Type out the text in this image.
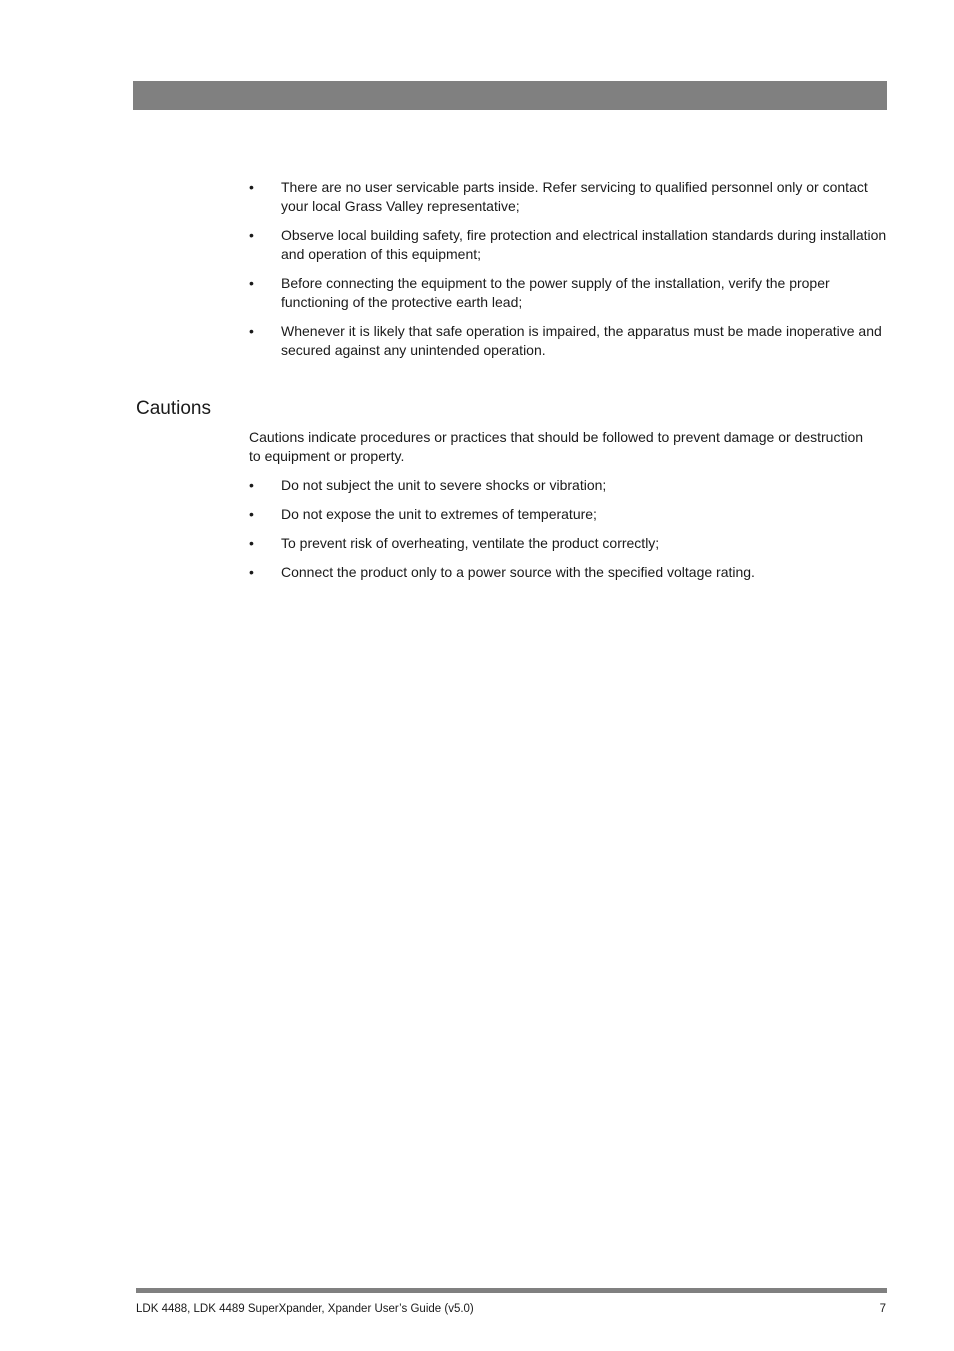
•	There are no user servicable parts inside. Refer servicing to qualified personnel only or contact your local Grass Valley representative;
•	Observe local building safety, fire protection and electrical installation standards during installation and operation of this equipment;
•	Before connecting the equipment to the power supply of the installation, verify the proper functioning of the protective earth lead;
•	Whenever it is likely that safe operation is impaired, the apparatus must be made inoperative and secured against any unintended operation.
Cautions

Cautions indicate procedures or practices that should be followed to prevent damage or destruction to equipment or property.

•	Do not subject the unit to severe shocks or vibration;
•	Do not expose the unit to extremes of temperature;
•	To prevent risk of overheating, ventilate the product correctly;
•	Connect the product only to a power source with the specified voltage rating.
LDK 4488, LDK 4489 SuperXpander, Xpander User’s Guide (v5.0)	7
